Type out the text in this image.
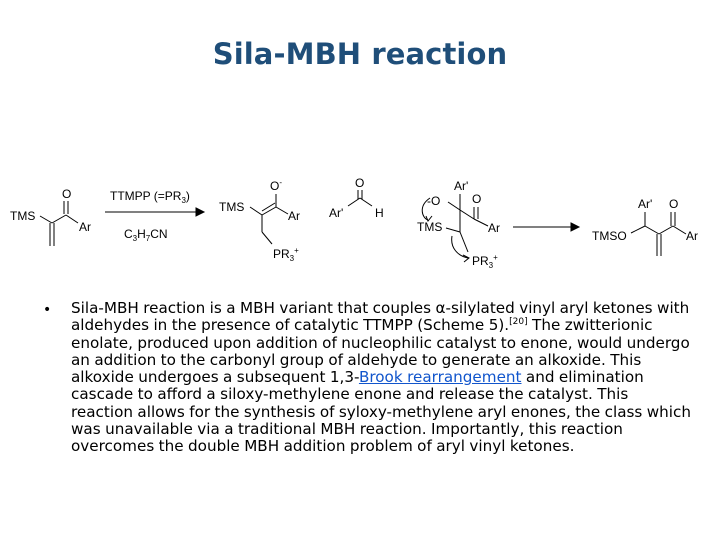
Sila-MBH reaction
TMS
O
Ar
TTMPP $(=PR_3)$
$C_3H_7CN$
O-
TMS
Ar
$PR_3^+$
O
Ar'	H
Ar'
O
-O
TMS	Ar
$PR_3^+$
Ar' O
TMSO	Ar
• Sila-MBH reaction is a MBH variant that couples α-silylated vinyl aryl ketones with aldehydes in the presence of catalytic TTMPP (Scheme 5).[20] The zwitterionic enolate, produced upon addition of nucleophilic catalyst to enone, would undergo an addition to the carbonyl group of aldehyde to generate an alkoxide. This alkoxide undergoes a subsequent 1,3-Brook rearrangement and elimination cascade to afford a siloxy-methylene enone and release the catalyst. This reaction allows for the synthesis of syloxy-methylene aryl enones, the class which was unavailable via a traditional MBH reaction. Importantly, this reaction overcomes the double MBH addition problem of aryl vinyl ketones.
